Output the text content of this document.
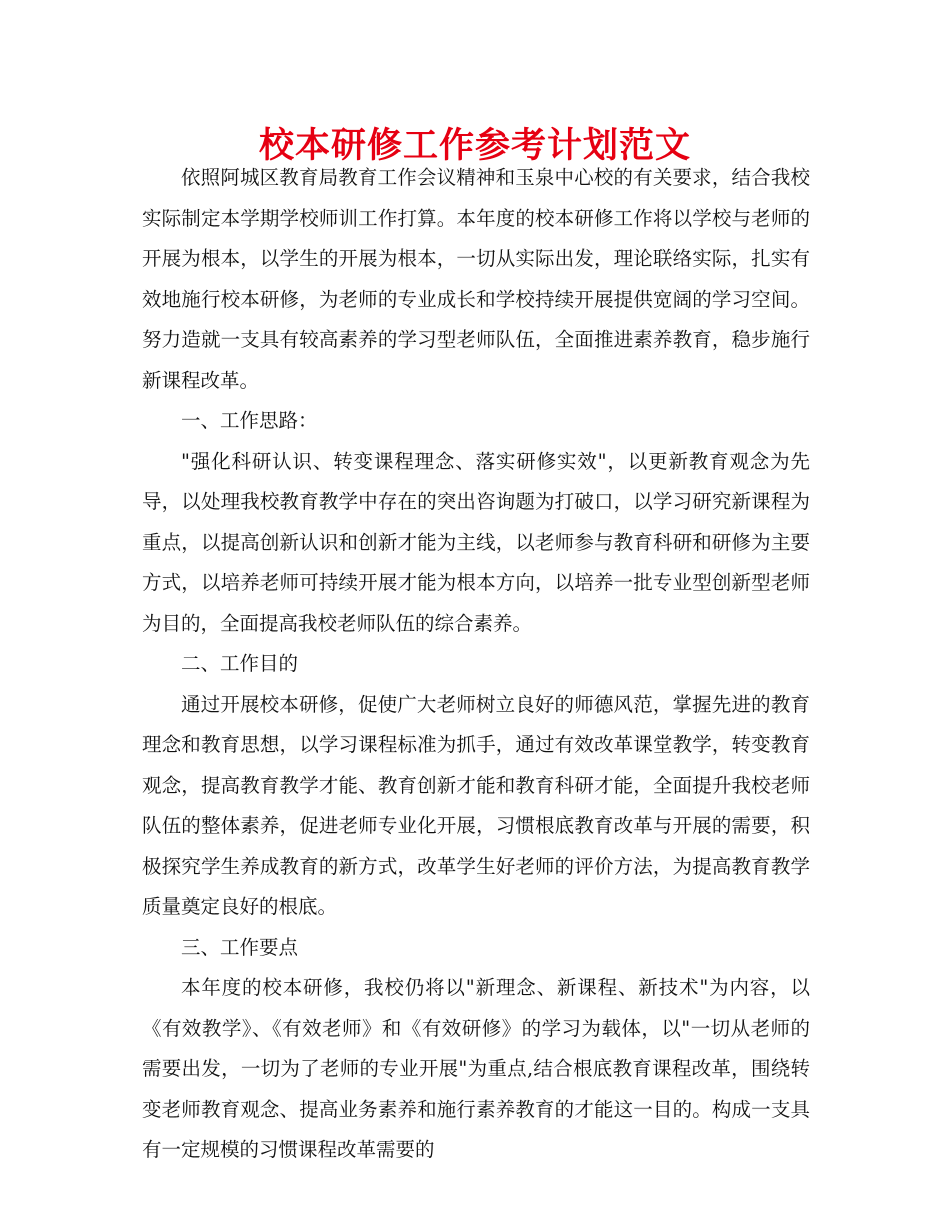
校本研修工作参考计划范文

依照阿城区教育局教育工作会议精神和玉泉中心校的有关要求，结合我校实际制定本学期学校师训工作打算。本年度的校本研修工作将以学校与老师的开展为根本，以学生的开展为根本，一切从实际出发，理论联络实际，扎实有效地施行校本研修，为老师的专业成长和学校持续开展提供宽阔的学习空间。努力造就一支具有较高素养的学习型老师队伍，全面推进素养教育，稳步施行新课程改革。

一、工作思路：

"强化科研认识、转变课程理念、落实研修实效"，以更新教育观念为先导，以处理我校教育教学中存在的突出咨询题为打破口，以学习研究新课程为重点，以提高创新认识和创新才能为主线，以老师参与教育科研和研修为主要方式，以培养老师可持续开展才能为根本方向，以培养一批专业型创新型老师为目的，全面提高我校老师队伍的综合素养。

二、工作目的

通过开展校本研修，促使广大老师树立良好的师德风范，掌握先进的教育理念和教育思想，以学习课程标准为抓手，通过有效改革课堂教学，转变教育观念，提高教育教学才能、教育创新才能和教育科研才能，全面提升我校老师队伍的整体素养，促进老师专业化开展，习惯根底教育改革与开展的需要，积极探究学生养成教育的新方式，改革学生好老师的评价方法，为提高教育教学质量奠定良好的根底。

三、工作要点

本年度的校本研修，我校仍将以"新理念、新课程、新技术"为内容，以《有效教学》、《有效老师》和《有效研修》的学习为载体，以"一切从老师的需要出发，一切为了老师的专业开展"为重点,结合根底教育课程改革，围绕转变老师教育观念、提高业务素养和施行素养教育的才能这一目的。构成一支具有一定规模的习惯课程改革需要的
